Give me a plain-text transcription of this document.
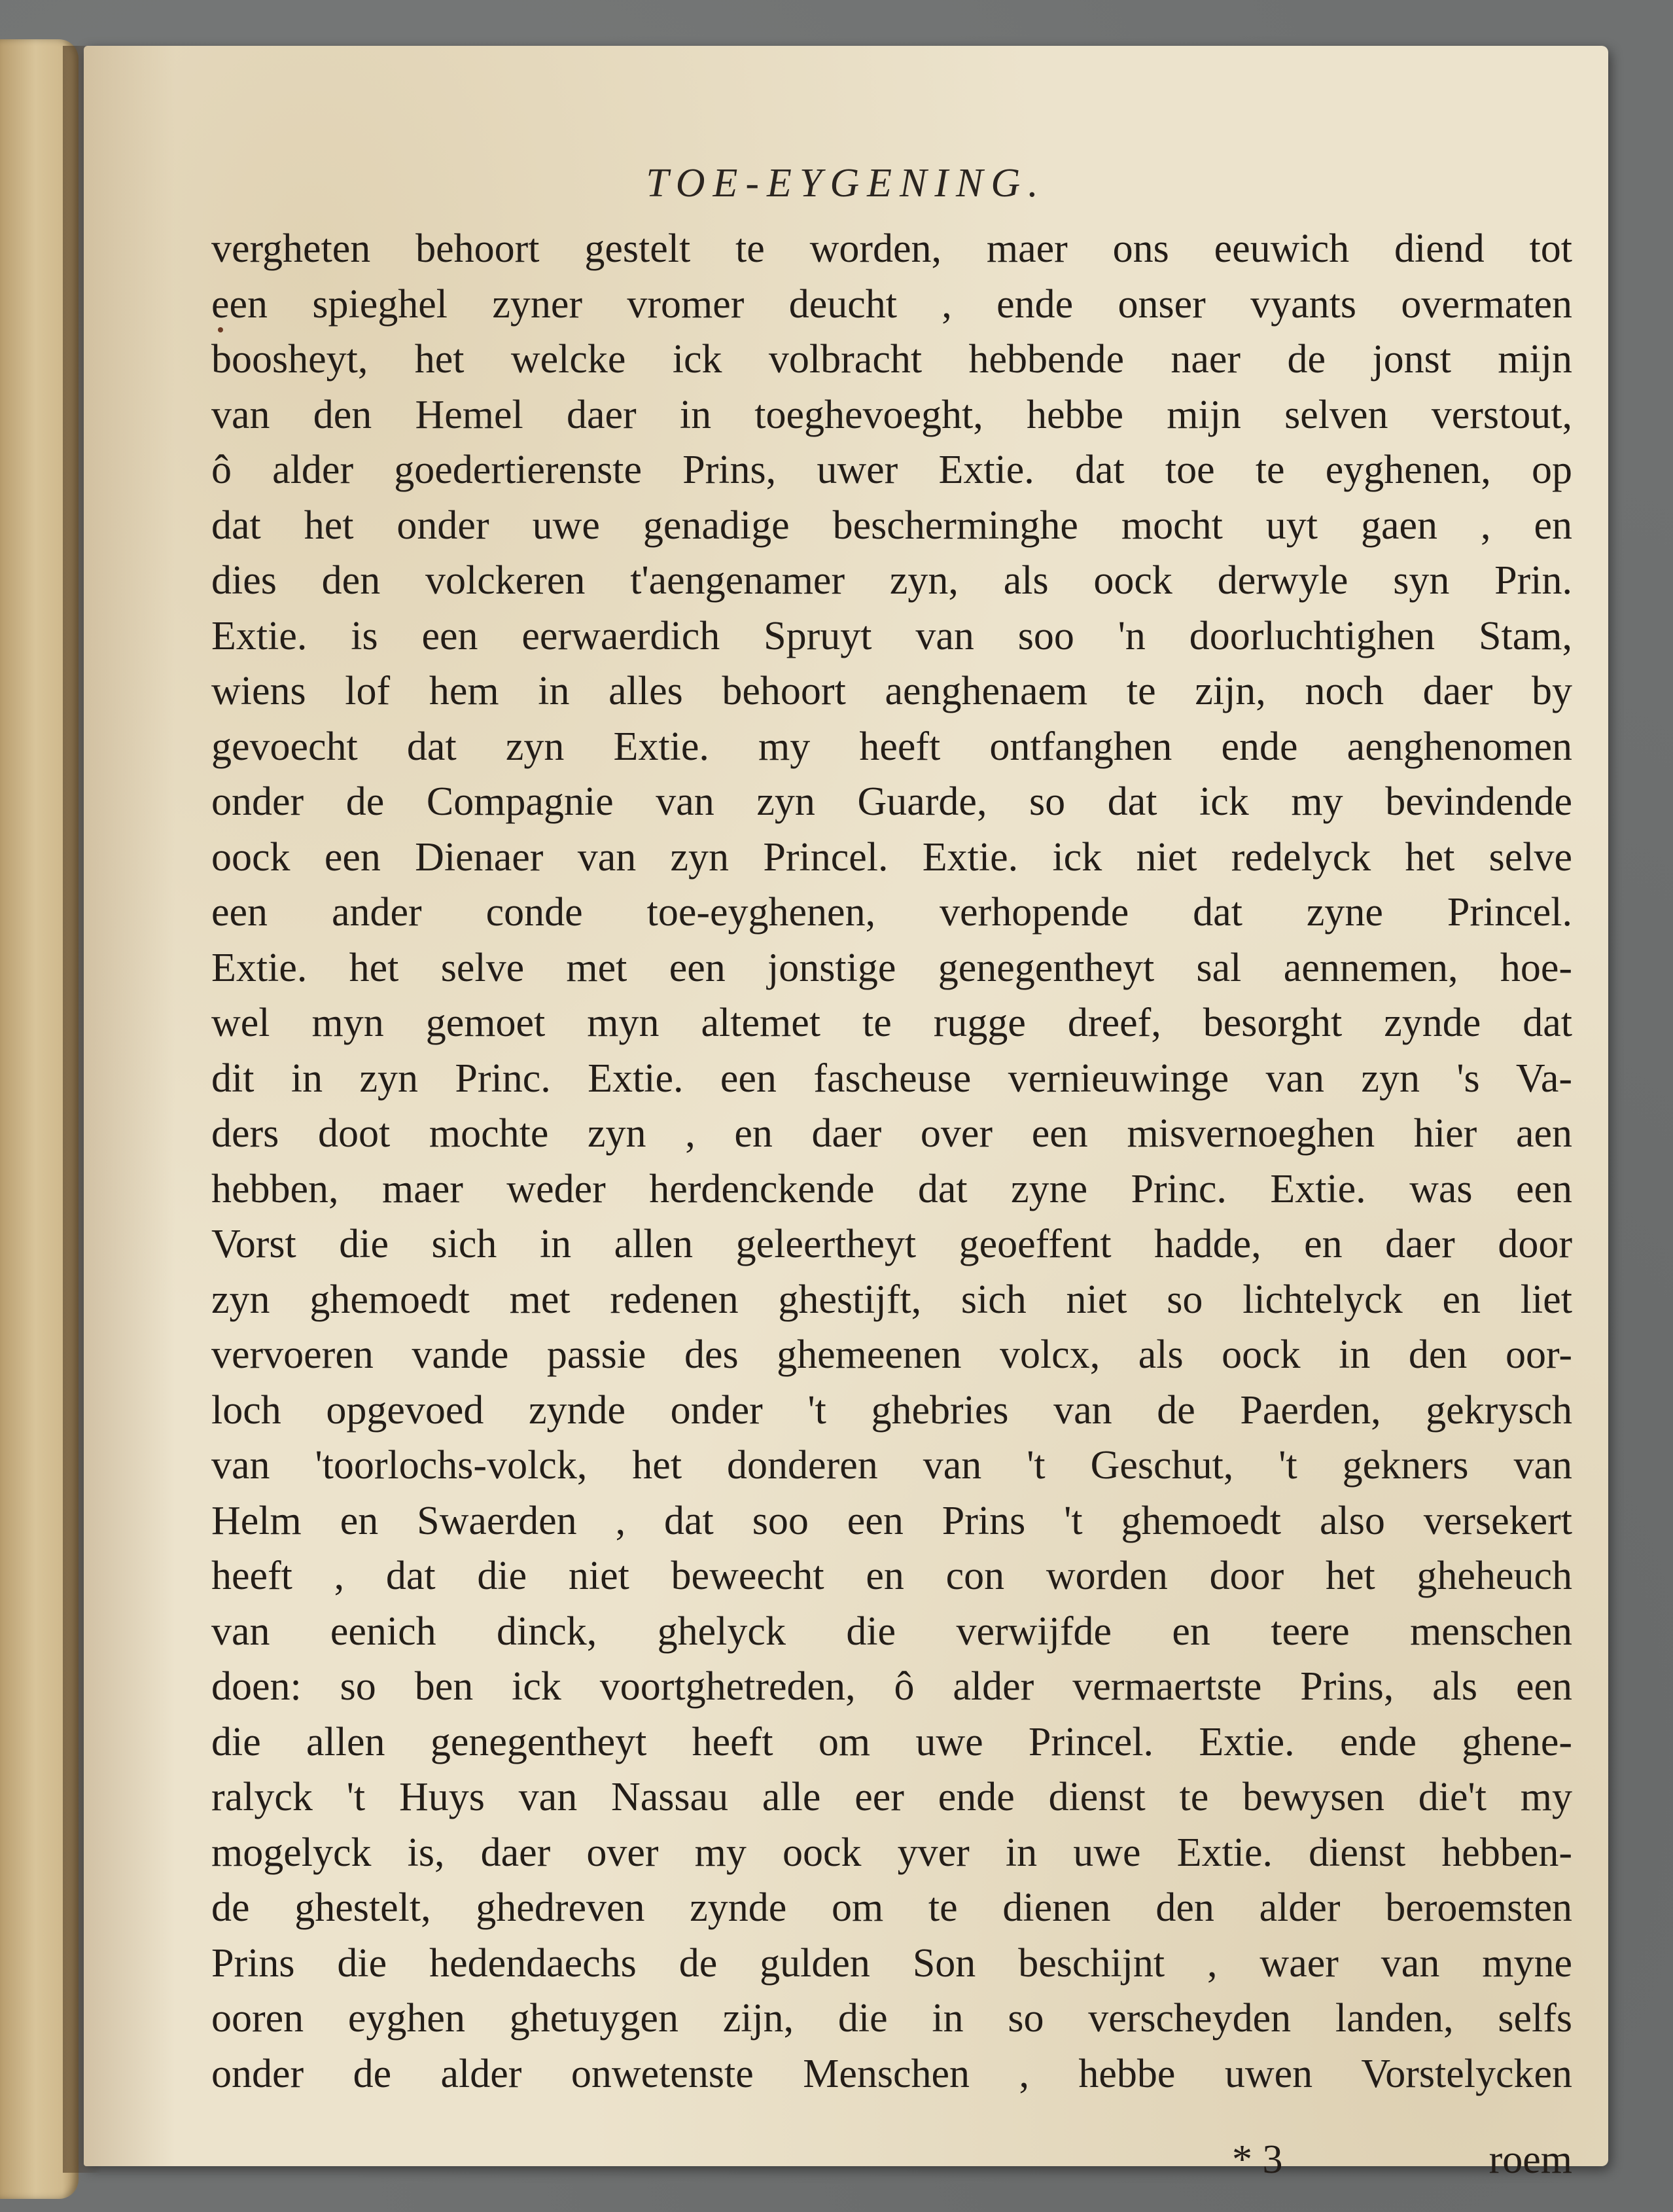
TOE-EYGENING.
vergheten behoort gestelt te worden, maer ons eeuwich diend tot
een spieghel zyner vromer deucht , ende onser vyants overmaten
boosheyt, het welcke ick volbracht hebbende naer de jonst mijn
van den Hemel daer in toeghevoeght, hebbe mijn selven verstout,
ô alder goedertierenste Prins, uwer Extie. dat toe te eyghenen, op
dat het onder uwe genadige bescherminghe mocht uyt gaen , en
dies den volckeren t'aengenamer zyn, als oock derwyle syn Prin.
Extie. is een eerwaerdich Spruyt van soo 'n doorluchtighen Stam,
wiens lof hem in alles behoort aenghenaem te zijn, noch daer by
gevoecht dat zyn Extie. my heeft ontfanghen ende aenghenomen
onder de Compagnie van zyn Guarde, so dat ick my bevindende
oock een Dienaer van zyn Princel. Extie. ick niet redelyck het selve
een ander conde toe-eyghenen, verhopende dat zyne Princel.
Extie. het selve met een jonstige genegentheyt sal aennemen, hoe-
wel myn gemoet myn altemet te rugge dreef, besorght zynde dat
dit in zyn Princ. Extie. een fascheuse vernieuwinge van zyn 's Va-
ders doot mochte zyn , en daer over een misvernoeghen hier aen
hebben, maer weder herdenckende dat zyne Princ. Extie. was een
Vorst die sich in allen geleertheyt geoeffent hadde, en daer door
zyn ghemoedt met redenen ghestijft, sich niet so lichtelyck en liet
vervoeren vande passie des ghemeenen volcx, als oock in den oor-
loch opgevoed zynde onder 't ghebries van de Paerden, gekrysch
van 'toorlochs-volck, het donderen van 't Geschut, 't gekners van
Helm en Swaerden , dat soo een Prins 't ghemoedt also versekert
heeft , dat die niet beweecht en con worden door het gheheuch
van eenich dinck, ghelyck die verwijfde en teere menschen
doen: so ben ick voortghetreden, ô alder vermaertste Prins, als een
die allen genegentheyt heeft om uwe Princel. Extie. ende ghene-
ralyck 't Huys van Nassau alle eer ende dienst te bewysen die't my
mogelyck is, daer over my oock yver in uwe Extie. dienst hebben-
de ghestelt, ghedreven zynde om te dienen den alder beroemsten
Prins die hedendaechs de gulden Son beschijnt , waer van myne
ooren eyghen ghetuygen zijn, die in so verscheyden landen, selfs
onder de alder onwetenste Menschen , hebbe uwen Vorstelycken
* 3	roem
